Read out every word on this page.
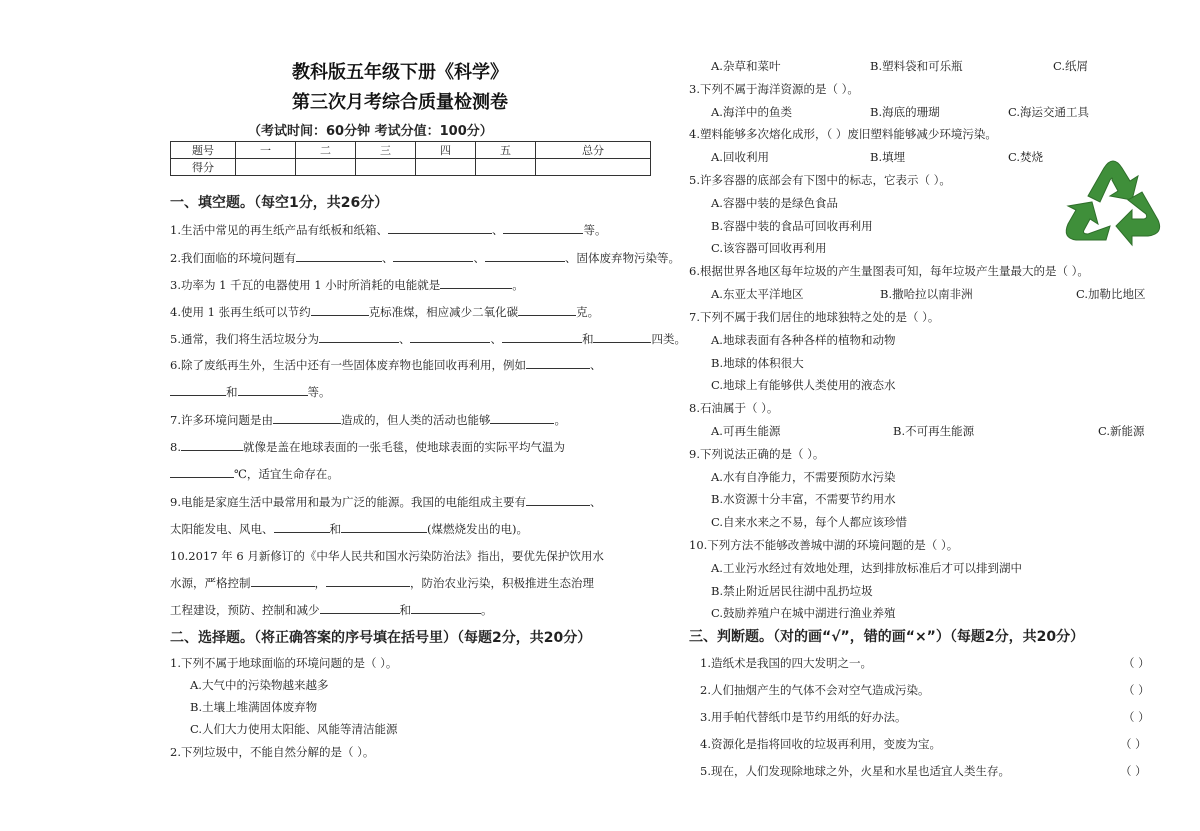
教科版五年级下册《科学》
第三次月考综合质量检测卷
（考试时间：60分钟 考试分值：100分）
题号	一	二	三	四	五	总分
得分						
一、填空题。（每空1分，共26分）
1.生活中常见的再生纸产品有纸板和纸箱、	、	等。
2.我们面临的环境问题有	、	、	、固体废弃物污染等。
3.功率为 1 千瓦的电器使用 1 小时所消耗的电能就是	。
4.使用 1 张再生纸可以节约	克标准煤，相应减少二氧化碳	克。
5.通常，我们将生活垃圾分为	、	、	和	四类。
6.除了废纸再生外，生活中还有一些固体废弃物也能回收再利用，例如	、
和	等。
7.许多环境问题是由	造成的，但人类的活动也能够	。
8.	就像是盖在地球表面的一张毛毯，使地球表面的实际平均气温为
℃，适宜生命存在。
9.电能是家庭生活中最常用和最为广泛的能源。我国的电能组成主要有	、
太阳能发电、风电、	和	(煤燃烧发出的电)。
10.2017 年 6 月新修订的《中华人民共和国水污染防治法》指出，要优先保护饮用水
水源，严格控制	，	，防治农业污染，积极推进生态治理
工程建设，预防、控制和减少	和	。
二、选择题。（将正确答案的序号填在括号里）（每题2分，共20分）
1.下列不属于地球面临的环境问题的是（ ）。
A.大气中的污染物越来越多
B.土壤上堆满固体废弃物
C.人们大力使用太阳能、风能等清洁能源
2.下列垃圾中，不能自然分解的是（ ）。
A.杂草和菜叶	B.塑料袋和可乐瓶	C.纸屑
3.下列不属于海洋资源的是（ ）。
A.海洋中的鱼类	B.海底的珊瑚	C.海运交通工具
4.塑料能够多次熔化成形，（ ）废旧塑料能够减少环境污染。
A.回收利用	B.填埋	C.焚烧
5.许多容器的底部会有下图中的标志，它表示（ ）。
A.容器中装的是绿色食品
B.容器中装的食品可回收再利用
C.该容器可回收再利用
6.根据世界各地区每年垃圾的产生量图表可知，每年垃圾产生量最大的是（ ）。
A.东亚太平洋地区	B.撒哈拉以南非洲	C.加勒比地区
7.下列不属于我们居住的地球独特之处的是（ ）。
A.地球表面有各种各样的植物和动物
B.地球的体积很大
C.地球上有能够供人类使用的液态水
8.石油属于（ ）。
A.可再生能源	B.不可再生能源	C.新能源
9.下列说法正确的是（ ）。
A.水有自净能力，不需要预防水污染
B.水资源十分丰富，不需要节约用水
C.自来水来之不易，每个人都应该珍惜
10.下列方法不能够改善城中湖的环境问题的是（ ）。
A.工业污水经过有效地处理，达到排放标准后才可以排到湖中
B.禁止附近居民往湖中乱扔垃圾
C.鼓励养殖户在城中湖进行渔业养殖
三、判断题。（对的画“√”，错的画“×”）（每题2分，共20分）
1.造纸术是我国的四大发明之一。	（ ）
2.人们抽烟产生的气体不会对空气造成污染。	（ ）
3.用手帕代替纸巾是节约用纸的好办法。	（ ）
4.资源化是指将回收的垃圾再利用，变废为宝。	（ ）
5.现在，人们发现除地球之外，火星和水星也适宜人类生存。	（ ）
